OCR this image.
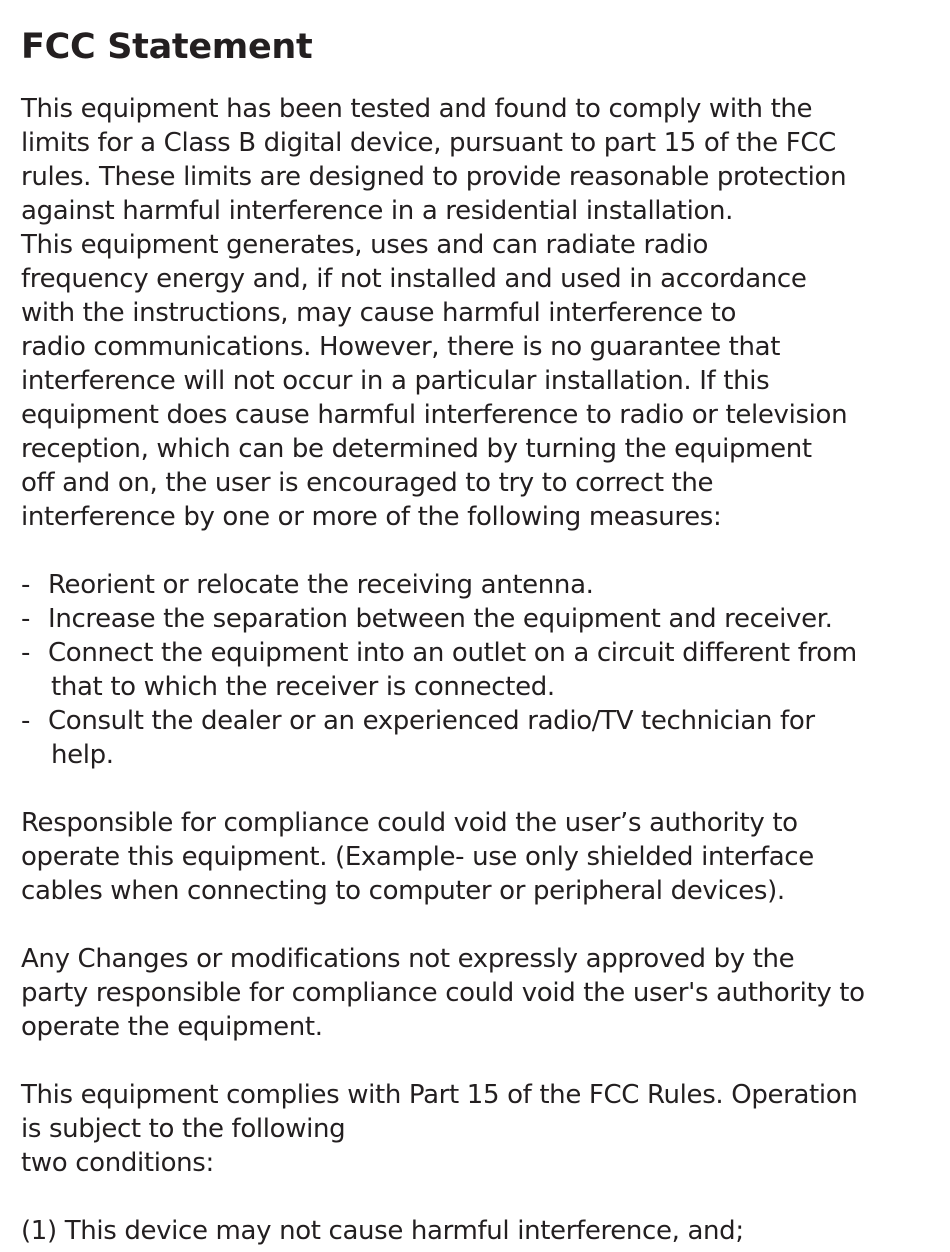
FCC Statement
This equipment has been tested and found to comply with the
limits for a Class B digital device, pursuant to part 15 of the FCC
rules. These limits are designed to provide reasonable protection
against harmful interference in a residential installation.
This equipment generates, uses and can radiate radio
frequency energy and, if not installed and used in accordance
with the instructions, may cause harmful interference to
radio communications. However, there is no guarantee that
interference will not occur in a particular installation. If this
equipment does cause harmful interference to radio or television
reception, which can be determined by turning the equipment
off and on, the user is encouraged to try to correct the
interference by one or more of the following measures:
- Reorient or relocate the receiving antenna.
- Increase the separation between the equipment and receiver.
- Connect the equipment into an outlet on a circuit different from
that to which the receiver is connected.
- Consult the dealer or an experienced radio/TV technician for
help.
Responsible for compliance could void the user’s authority to
operate this equipment. (Example- use only shielded interface
cables when connecting to computer or peripheral devices).
Any Changes or modifications not expressly approved by the
party responsible for compliance could void the user's authority to
operate the equipment.
This equipment complies with Part 15 of the FCC Rules. Operation
is subject to the following
two conditions:
(1) This device may not cause harmful interference, and;
